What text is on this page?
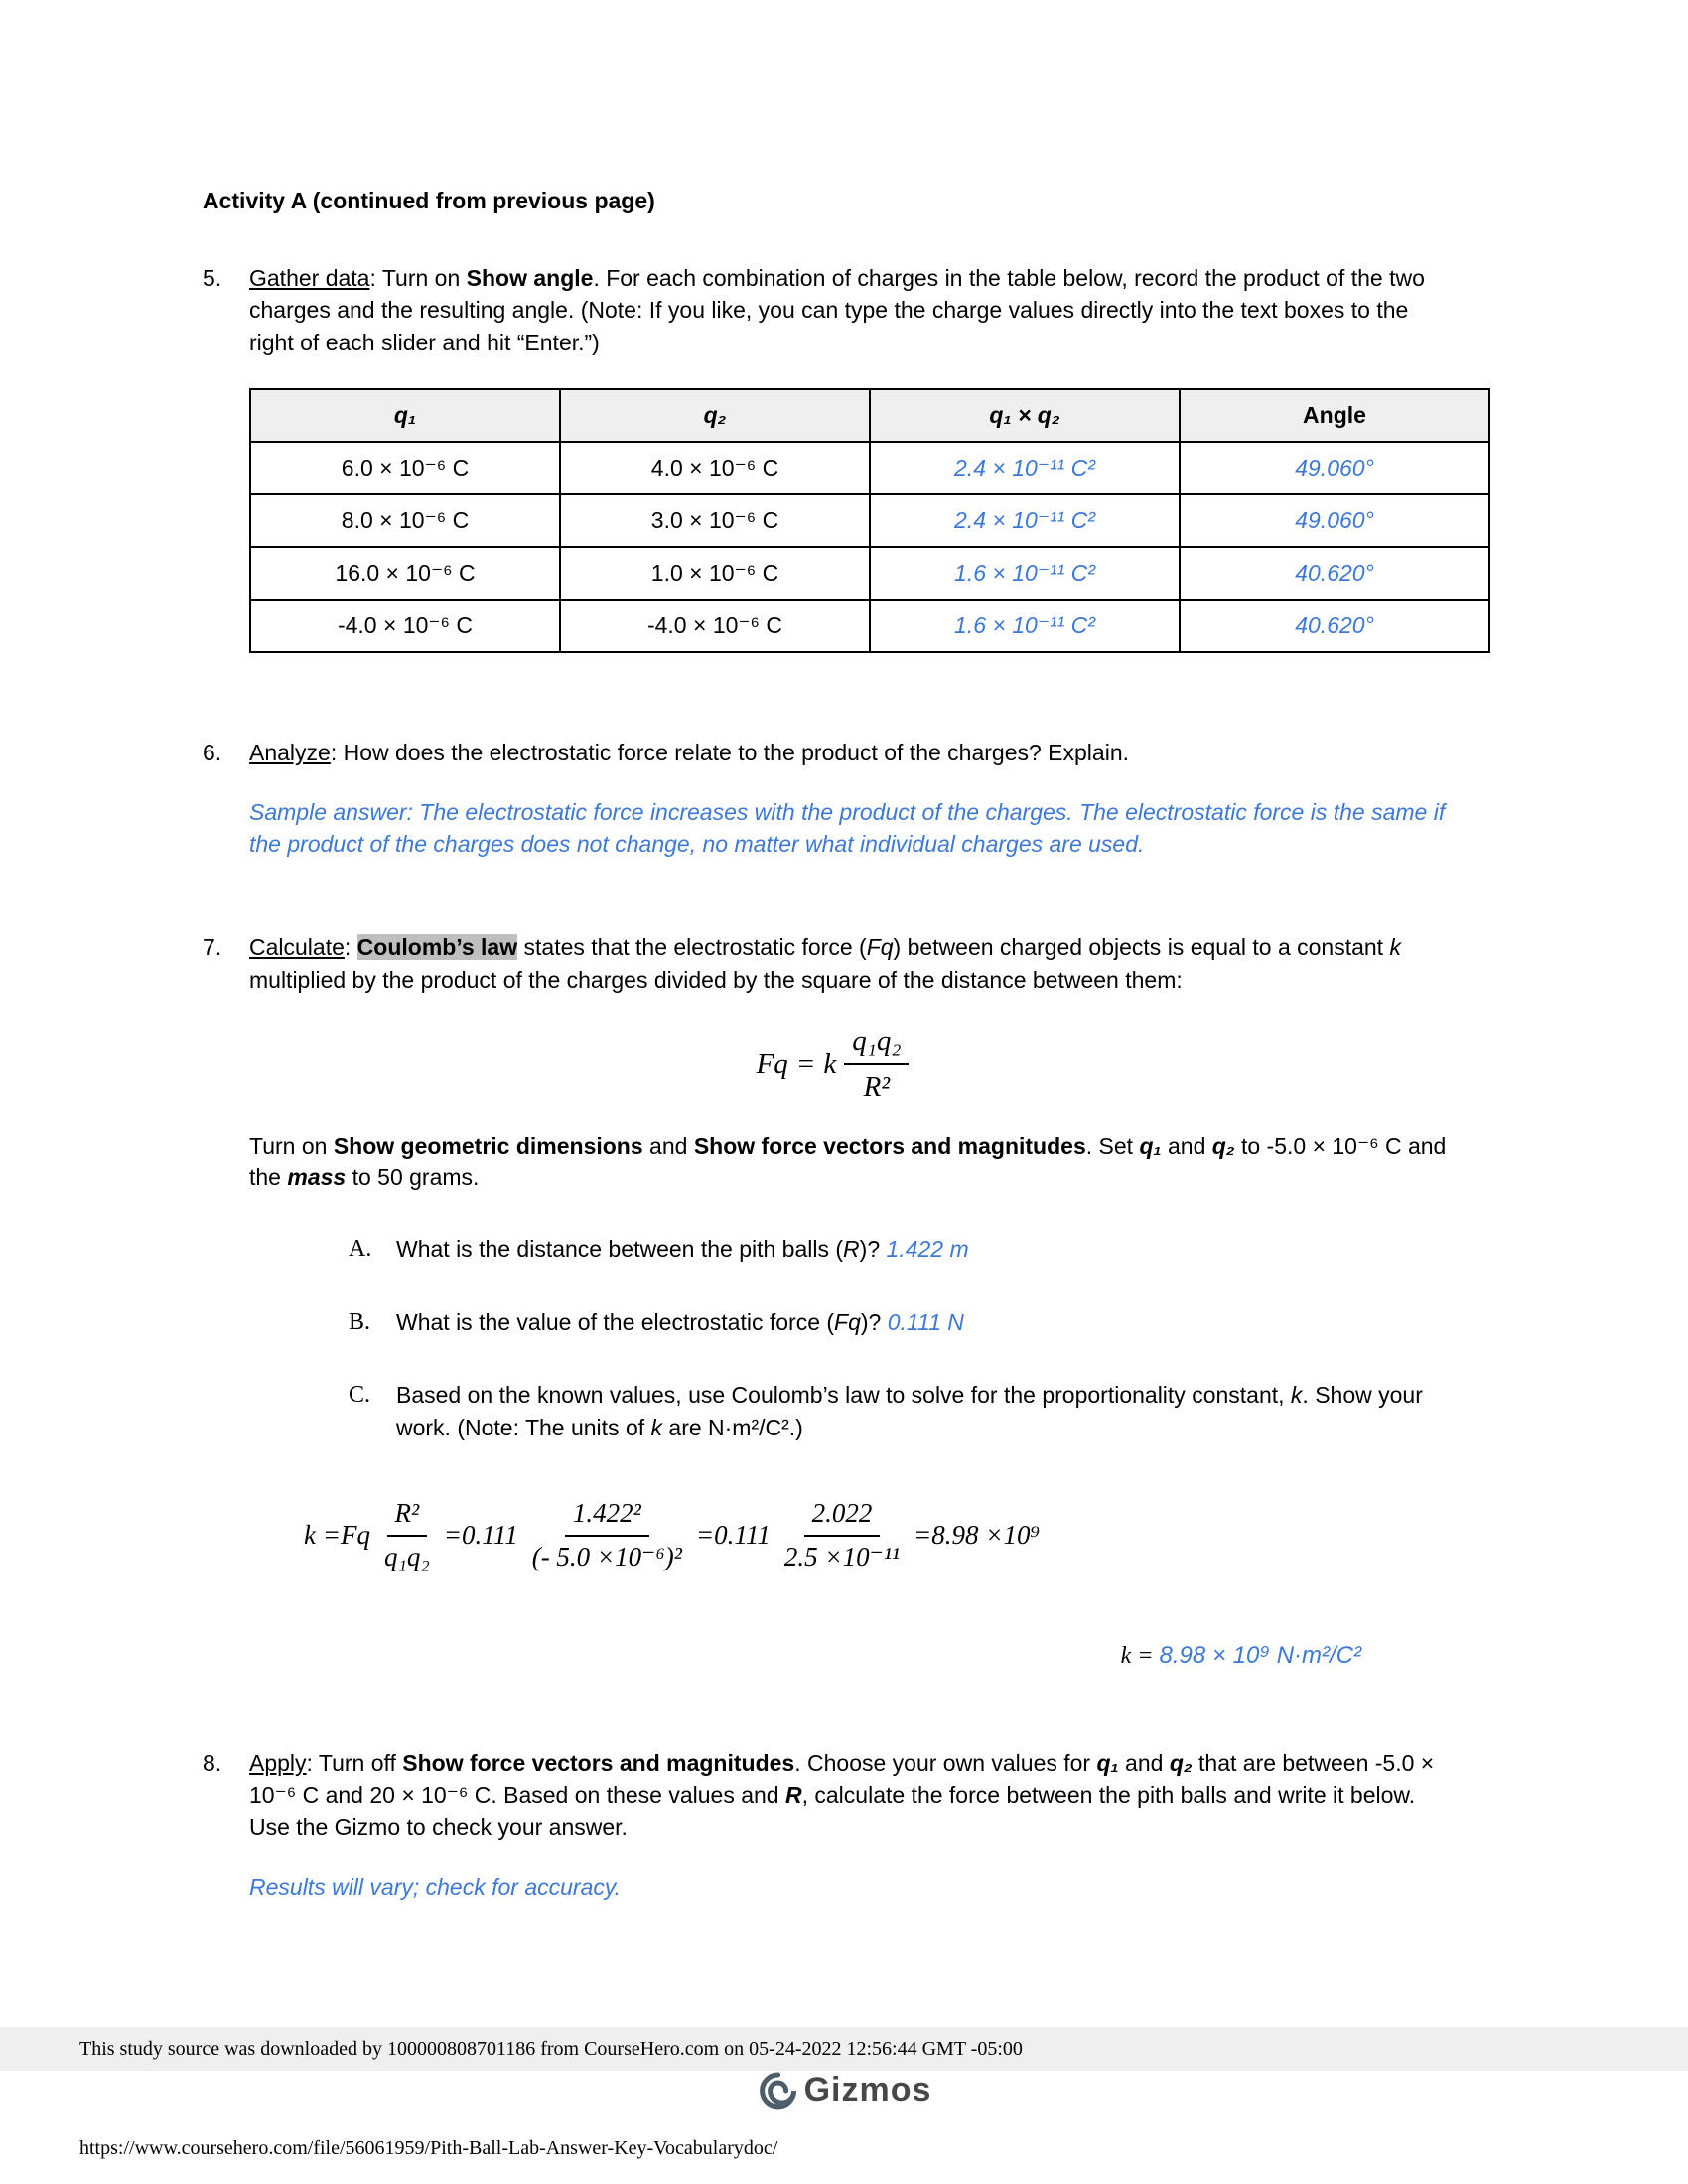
Activity A (continued from previous page)
5.	Gather data: Turn on Show angle. For each combination of charges in the table below, record the product of the two charges and the resulting angle. (Note: If you like, you can type the charge values directly into the text boxes to the right of each slider and hit “Enter.”)
q₁	q₂	q₁ × q₂	Angle
6.0 × 10⁻⁶ C	4.0 × 10⁻⁶ C	2.4 × 10⁻¹¹ C²	49.060°
8.0 × 10⁻⁶ C	3.0 × 10⁻⁶ C	2.4 × 10⁻¹¹ C²	49.060°
16.0 × 10⁻⁶ C	1.0 × 10⁻⁶ C	1.6 × 10⁻¹¹ C²	40.620°
-4.0 × 10⁻⁶ C	-4.0 × 10⁻⁶ C	1.6 × 10⁻¹¹ C²	40.620°
6.	Analyze: How does the electrostatic force relate to the product of the charges? Explain.
Sample answer: The electrostatic force increases with the product of the charges. The electrostatic force is the same if the product of the charges does not change, no matter what individual charges are used.
7.	Calculate: Coulomb’s law states that the electrostatic force (Fq) between charged objects is equal to a constant k multiplied by the product of the charges divided by the square of the distance between them:
Fq = k $\frac{\text{q₁q₂}}{\text{R²}}$
Turn on Show geometric dimensions and Show force vectors and magnitudes. Set q₁ and q₂ to -5.0 × 10⁻⁶ C and the mass to 50 grams.
A.	What is the distance between the pith balls (R)? 1.422 m
B.	What is the value of the electrostatic force (Fq)? 0.111 N
C.	Based on the known values, use Coulomb’s law to solve for the proportionality constant, k. Show your work. (Note: The units of k are N·m²/C².)
$k =Fq \frac{\text{R²}}{\text{q₁q₂}} =0.111 \frac{\text{1.422²}}{\text{(- 5.0 ×10⁻⁶)²}} =0.111 \frac{2.022}{\text{2.5 ×10⁻¹¹}} =8.98 \times 10^9$
k = 8.98 × 10⁹ N·m²/C²
8.	Apply: Turn off Show force vectors and magnitudes. Choose your own values for q₁ and q₂ that are between -5.0 × 10⁻⁶ C and 20 × 10⁻⁶ C. Based on these values and R, calculate the force between the pith balls and write it below. Use the Gizmo to check your answer.
Results will vary; check for accuracy.
This study source was downloaded by 100000808701186 from CourseHero.com on 05-24-2022 12:56:44 GMT -05:00
Gizmos
https://www.coursehero.com/file/56061959/Pith-Ball-Lab-Answer-Key-Vocabularydoc/
